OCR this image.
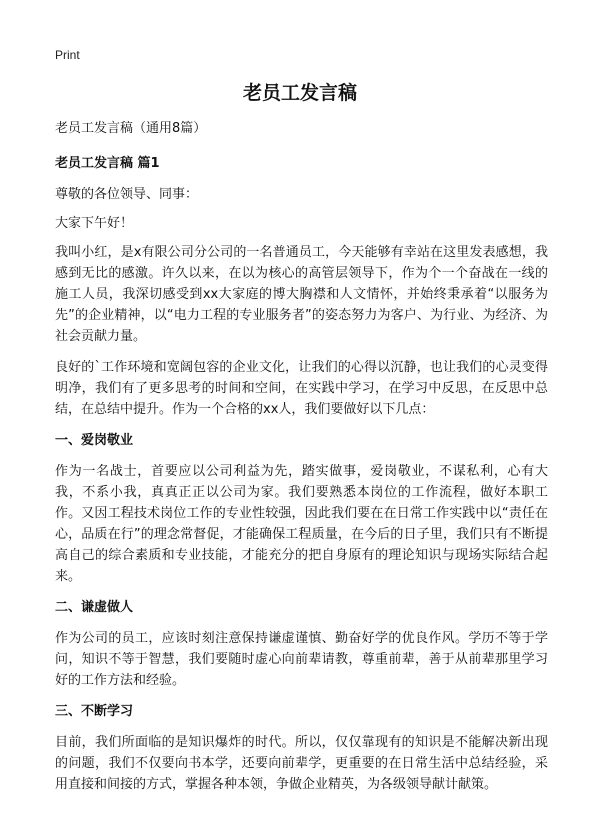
Print
老员工发言稿

老员工发言稿（通用8篇）

老员工发言稿 篇1

尊敬的各位领导、同事：

大家下午好！

我叫小红，是x有限公司分公司的一名普通员工，今天能够有幸站在这里发表感想，我感到无比的感激。许久以来，在以为核心的高管层领导下，作为个一个奋战在一线的施工人员，我深切感受到xx大家庭的博大胸襟和人文情怀，并始终秉承着“以服务为先”的企业精神，以“电力工程的专业服务者”的姿态努力为客户、为行业、为经济、为社会贡献力量。

良好的`工作环境和宽阔包容的企业文化，让我们的心得以沉静，也让我们的心灵变得明净，我们有了更多思考的时间和空间，在实践中学习，在学习中反思，在反思中总结，在总结中提升。作为一个合格的xx人，我们要做好以下几点：

一、爱岗敬业

作为一名战士，首要应以公司利益为先，踏实做事，爱岗敬业，不谋私利，心有大我，不系小我，真真正正以公司为家。我们要熟悉本岗位的工作流程，做好本职工作。又因工程技术岗位工作的专业性较强，因此我们要在在日常工作实践中以“责任在心，品质在行”的理念常督促，才能确保工程质量，在今后的日子里，我们只有不断提高自己的综合素质和专业技能，才能充分的把自身原有的理论知识与现场实际结合起来。

二、谦虚做人

作为公司的员工，应该时刻注意保持谦虚谨慎、勤奋好学的优良作风。学历不等于学问，知识不等于智慧，我们要随时虚心向前辈请教，尊重前辈，善于从前辈那里学习好的工作方法和经验。

三、不断学习

目前，我们所面临的是知识爆炸的时代。所以，仅仅靠现有的知识是不能解决新出现的问题，我们不仅要向书本学，还要向前辈学，更重要的在日常生活中总结经验，采用直接和间接的方式，掌握各种本领，争做企业精英，为各级领导献计献策。
